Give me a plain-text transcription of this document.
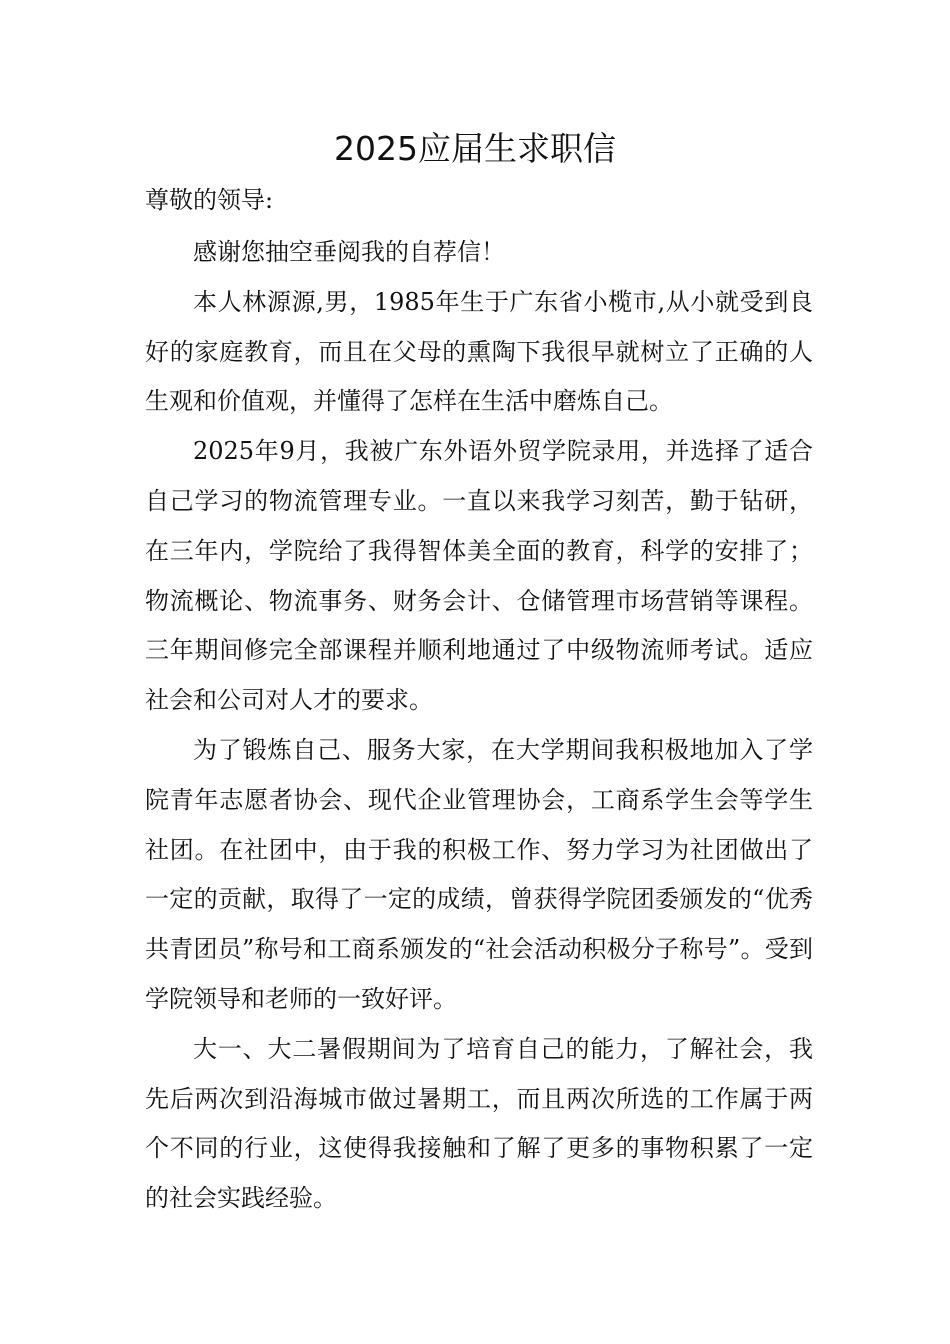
2025应届生求职信

尊敬的领导:

感谢您抽空垂阅我的自荐信！

本人林源源,男，1985年生于广东省小榄市,从小就受到良好的家庭教育，而且在父母的熏陶下我很早就树立了正确的人生观和价值观，并懂得了怎样在生活中磨炼自己。

2025年9月，我被广东外语外贸学院录用，并选择了适合自己学习的物流管理专业。一直以来我学习刻苦，勤于钻研，在三年内，学院给了我得智体美全面的教育，科学的安排了；物流概论、物流事务、财务会计、仓储管理市场营销等课程。三年期间修完全部课程并顺利地通过了中级物流师考试。适应社会和公司对人才的要求。

为了锻炼自己、服务大家，在大学期间我积极地加入了学院青年志愿者协会、现代企业管理协会，工商系学生会等学生社团。在社团中，由于我的积极工作、努力学习为社团做出了一定的贡献，取得了一定的成绩，曾获得学院团委颁发的“优秀共青团员”称号和工商系颁发的“社会活动积极分子称号”。受到学院领导和老师的一致好评。

大一、大二暑假期间为了培育自己的能力，了解社会，我先后两次到沿海城市做过暑期工，而且两次所选的工作属于两个不同的行业，这使得我接触和了解了更多的事物积累了一定的社会实践经验。
